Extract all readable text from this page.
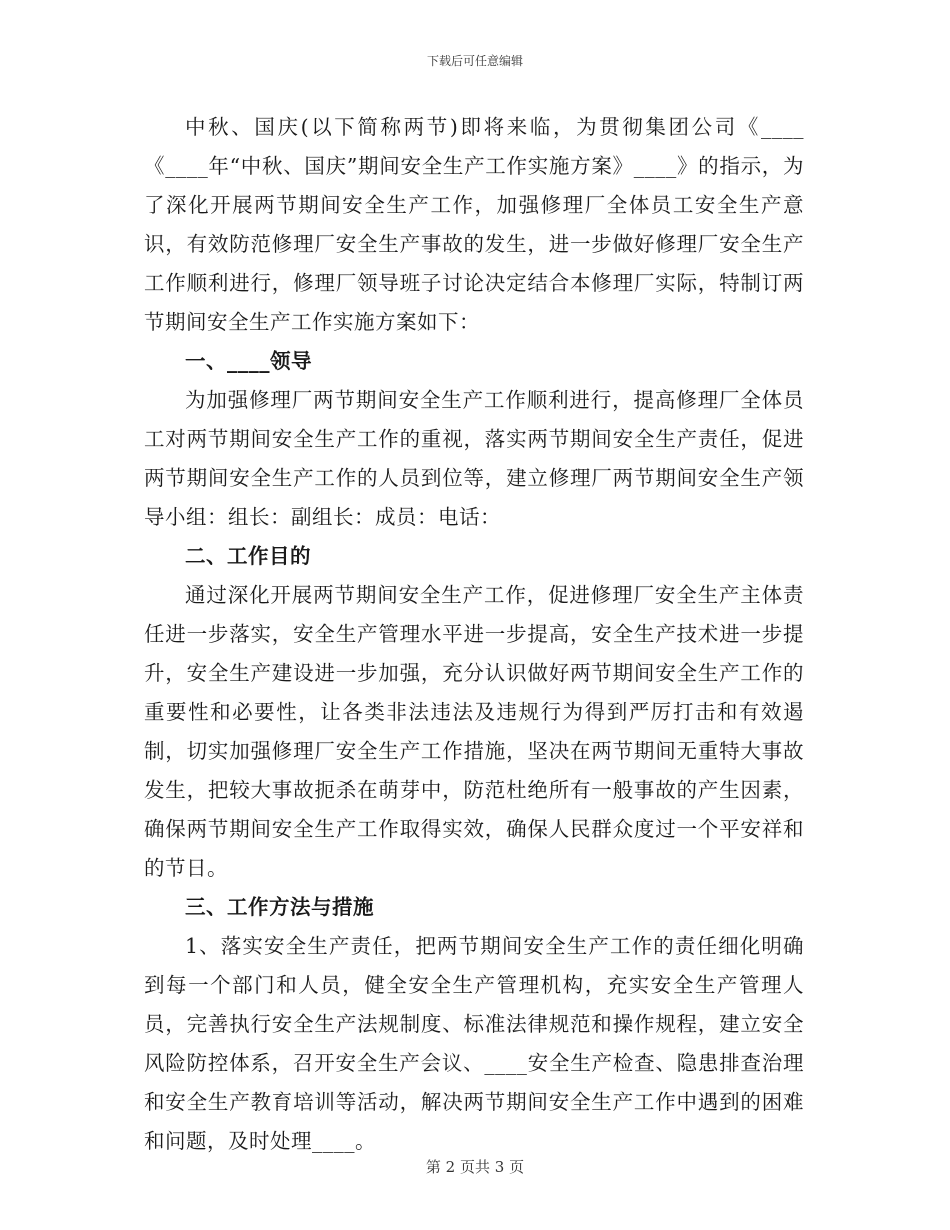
下载后可任意编辑

中秋、国庆(以下简称两节)即将来临，为贯彻集团公司《____《____年“中秋、国庆”期间安全生产工作实施方案》____》的指示，为了深化开展两节期间安全生产工作，加强修理厂全体员工安全生产意识，有效防范修理厂安全生产事故的发生，进一步做好修理厂安全生产工作顺利进行，修理厂领导班子讨论决定结合本修理厂实际，特制订两节期间安全生产工作实施方案如下：

一、____领导

为加强修理厂两节期间安全生产工作顺利进行，提高修理厂全体员工对两节期间安全生产工作的重视，落实两节期间安全生产责任，促进两节期间安全生产工作的人员到位等，建立修理厂两节期间安全生产领导小组：组长：副组长：成员：电话：

二、工作目的

通过深化开展两节期间安全生产工作，促进修理厂安全生产主体责任进一步落实，安全生产管理水平进一步提高，安全生产技术进一步提升，安全生产建设进一步加强，充分认识做好两节期间安全生产工作的重要性和必要性，让各类非法违法及违规行为得到严厉打击和有效遏制，切实加强修理厂安全生产工作措施，坚决在两节期间无重特大事故发生，把较大事故扼杀在萌芽中，防范杜绝所有一般事故的产生因素，确保两节期间安全生产工作取得实效，确保人民群众度过一个平安祥和的节日。

三、工作方法与措施

1、落实安全生产责任，把两节期间安全生产工作的责任细化明确到每一个部门和人员，健全安全生产管理机构，充实安全生产管理人员，完善执行安全生产法规制度、标准法律规范和操作规程，建立安全风险防控体系，召开安全生产会议、____安全生产检查、隐患排查治理和安全生产教育培训等活动，解决两节期间安全生产工作中遇到的困难和问题，及时处理____。

第 2 页共 3 页
